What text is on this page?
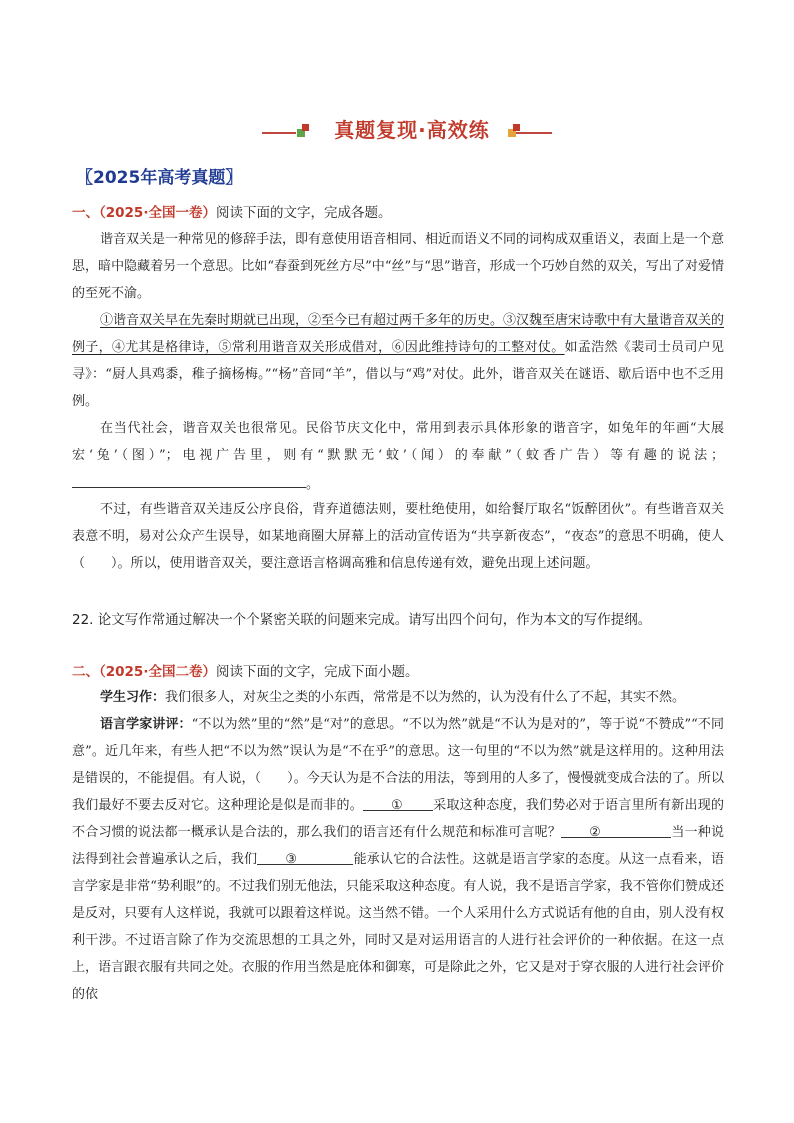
真题复现·高效练
〖2025年高考真题〗
一、（2025·全国一卷）阅读下面的文字，完成各题。

谐音双关是一种常见的修辞手法，即有意使用语音相同、相近而语义不同的词构成双重语义，表面上是一个意思，暗中隐藏着另一个意思。比如“春蚕到死丝方尽”中“丝”与“思”谐音，形成一个巧妙自然的双关，写出了对爱情的至死不渝。

①谐音双关早在先秦时期就已出现，②至今已有超过两千多年的历史。③汉魏至唐宋诗歌中有大量谐音双关的例子，④尤其是格律诗，⑤常利用谐音双关形成借对，⑥因此维持诗句的工整对仗。如孟浩然《裴司士员司户见寻》：“厨人具鸡黍，稚子摘杨梅。”“杨”音同“羊”，借以与“鸡”对仗。此外，谐音双关在谜语、歇后语中也不乏用例。

在当代社会，谐音双关也很常见。民俗节庆文化中，常用到表示具体形象的谐音字，如兔年的年画“大展宏‘兔’（图）”；电视广告里，则有“默默无‘蚊’（闻）的奉献”（蚊香广告）等有趣的说法；。

不过，有些谐音双关违反公序良俗，背弃道德法则，要杜绝使用，如给餐厅取名“饭醉团伙”。有些谐音双关表意不明，易对公众产生误导，如某地商圈大屏幕上的活动宣传语为“共享新夜态”，“夜态”的意思不明确，使人（　　）。所以，使用谐音双关，要注意语言格调高雅和信息传递有效，避免出现上述问题。

22. 论文写作常通过解决一个个紧密关联的问题来完成。请写出四个问句，作为本文的写作提纲。
二、（2025·全国二卷）阅读下面的文字，完成下面小题。

学生习作：我们很多人，对灰尘之类的小东西，常常是不以为然的，认为没有什么了不起，其实不然。

语言学家讲评：“不以为然”里的“然”是“对”的意思。“不以为然”就是“不认为是对的”，等于说“不赞成”“不同意”。近几年来，有些人把“不以为然”误认为是“不在乎”的意思。这一句里的“不以为然”就是这样用的。这种用法是错误的，不能提倡。有人说，（　　）。今天认为是不合法的用法，等到用的人多了，慢慢就变成合法的了。所以我们最好不要去反对它。这种理论是似是而非的。 ① 采取这种态度，我们势必对于语言里所有新出现的不合习惯的说法都一概承认是合法的，那么我们的语言还有什么规范和标准可言呢？ ②	当一种说法得到社会普遍承认之后，我们 ③	能承认它的合法性。这就是语言学家的态度。从这一点看来，语言学家是非常“势利眼”的。不过我们别无他法，只能采取这种态度。有人说，我不是语言学家，我不管你们赞成还是反对，只要有人这样说，我就可以跟着这样说。这当然不错。一个人采用什么方式说话有他的自由，别人没有权利干涉。不过语言除了作为交流思想的工具之外，同时又是对运用语言的人进行社会评价的一种依据。在这一点上，语言跟衣服有共同之处。衣服的作用当然是庇体和御寒，可是除此之外，它又是对于穿衣服的人进行社会评价的依
